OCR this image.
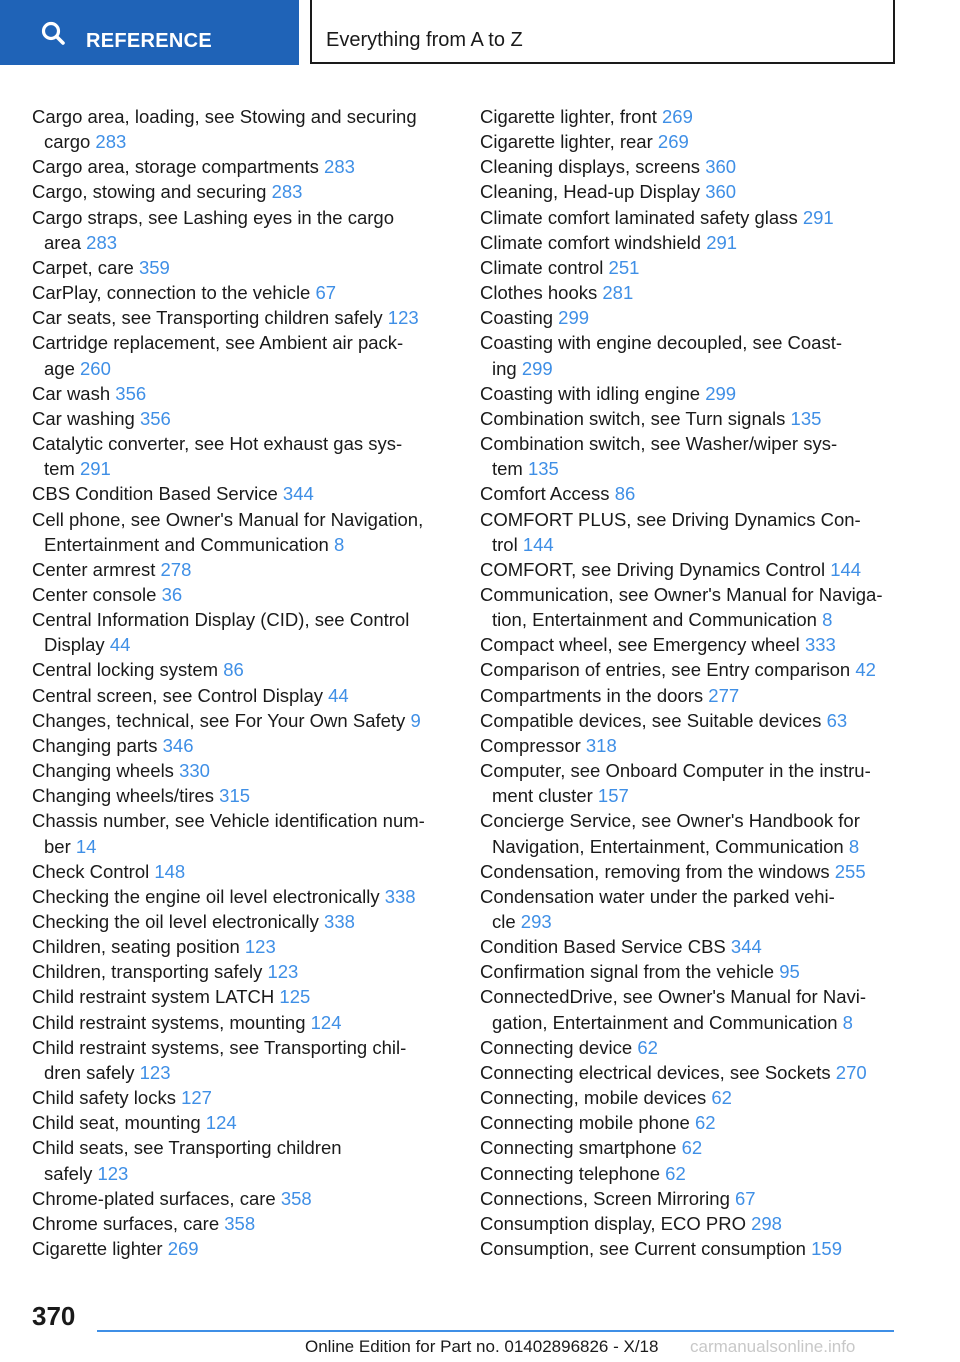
REFERENCE	Everything from A to Z
Cargo area, loading, see Stowing and securing
cargo 283
Cargo area, storage compartments 283
Cargo, stowing and securing 283
Cargo straps, see Lashing eyes in the cargo
area 283
Carpet, care 359
CarPlay, connection to the vehicle 67
Car seats, see Transporting children safely 123
Cartridge replacement, see Ambient air pack-
age 260
Car wash 356
Car washing 356
Catalytic converter, see Hot exhaust gas sys-
tem 291
CBS Condition Based Service 344
Cell phone, see Owner's Manual for Navigation,
Entertainment and Communication 8
Center armrest 278
Center console 36
Central Information Display (CID), see Control
Display 44
Central locking system 86
Central screen, see Control Display 44
Changes, technical, see For Your Own Safety 9
Changing parts 346
Changing wheels 330
Changing wheels/tires 315
Chassis number, see Vehicle identification num-
ber 14
Check Control 148
Checking the engine oil level electronically 338
Checking the oil level electronically 338
Children, seating position 123
Children, transporting safely 123
Child restraint system LATCH 125
Child restraint systems, mounting 124
Child restraint systems, see Transporting chil-
dren safely 123
Child safety locks 127
Child seat, mounting 124
Child seats, see Transporting children
safely 123
Chrome-plated surfaces, care 358
Chrome surfaces, care 358
Cigarette lighter 269
Cigarette lighter, front 269
Cigarette lighter, rear 269
Cleaning displays, screens 360
Cleaning, Head-up Display 360
Climate comfort laminated safety glass 291
Climate comfort windshield 291
Climate control 251
Clothes hooks 281
Coasting 299
Coasting with engine decoupled, see Coast-
ing 299
Coasting with idling engine 299
Combination switch, see Turn signals 135
Combination switch, see Washer/wiper sys-
tem 135
Comfort Access 86
COMFORT PLUS, see Driving Dynamics Con-
trol 144
COMFORT, see Driving Dynamics Control 144
Communication, see Owner's Manual for Naviga-
tion, Entertainment and Communication 8
Compact wheel, see Emergency wheel 333
Comparison of entries, see Entry comparison 42
Compartments in the doors 277
Compatible devices, see Suitable devices 63
Compressor 318
Computer, see Onboard Computer in the instru-
ment cluster 157
Concierge Service, see Owner's Handbook for
Navigation, Entertainment, Communication 8
Condensation, removing from the windows 255
Condensation water under the parked vehi-
cle 293
Condition Based Service CBS 344
Confirmation signal from the vehicle 95
ConnectedDrive, see Owner's Manual for Navi-
gation, Entertainment and Communication 8
Connecting device 62
Connecting electrical devices, see Sockets 270
Connecting, mobile devices 62
Connecting mobile phone 62
Connecting smartphone 62
Connecting telephone 62
Connections, Screen Mirroring 67
Consumption display, ECO PRO 298
Consumption, see Current consumption 159
370
Online Edition for Part no. 01402896826 - X/18 carmanualsonline.info
